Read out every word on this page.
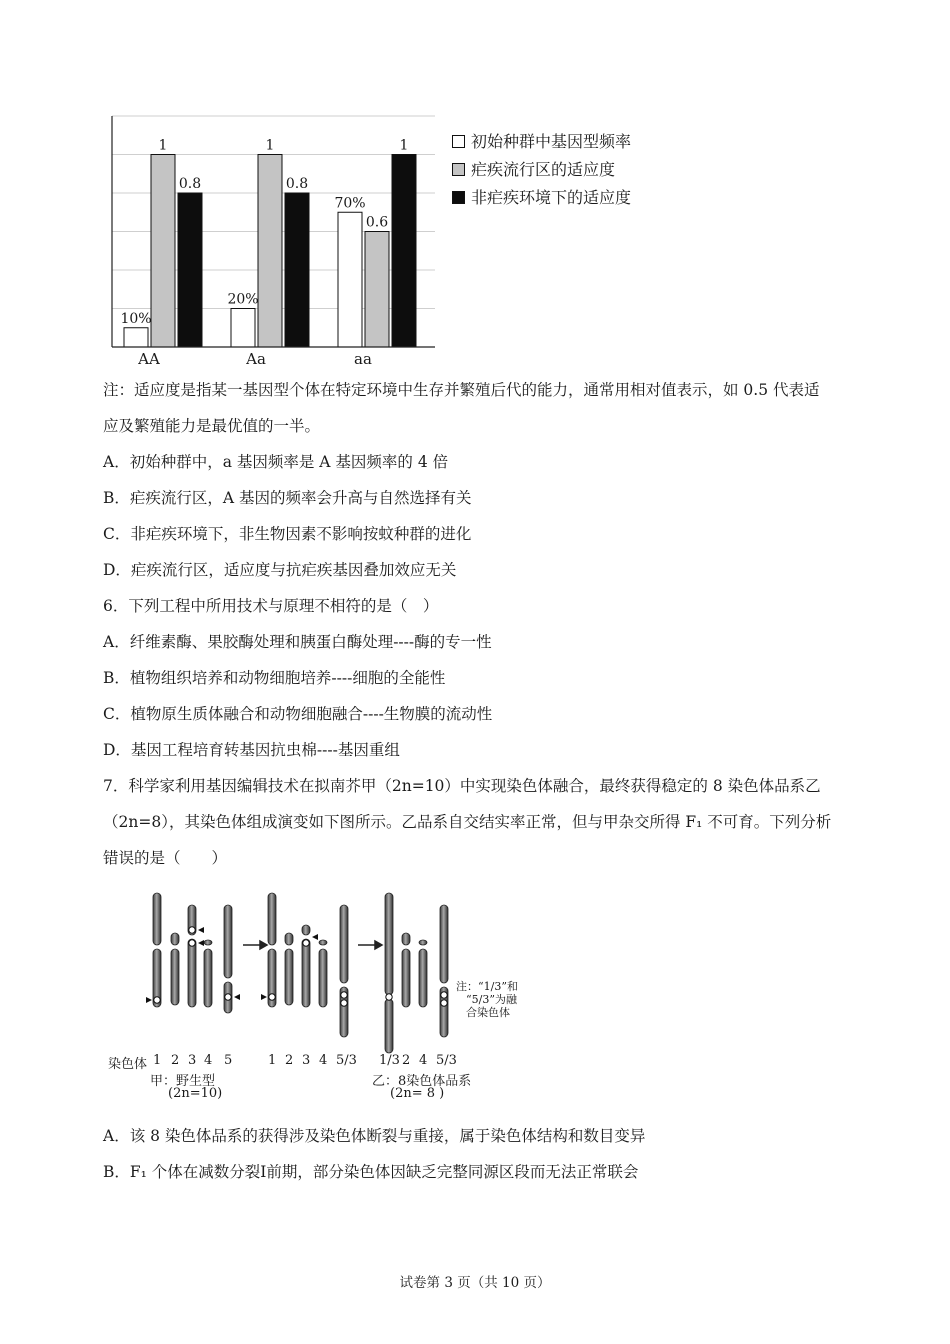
10%
1
0.8
20%
1
0.8
70%
0.6
1
AA	Aa	aa
初始种群中基因型频率
疟疾流行区的适应度
非疟疾环境下的适应度
注：适应度是指某一基因型个体在特定环境中生存并繁殖后代的能力，通常用相对值表示，如 0.5 代表适
应及繁殖能力是最优值的一半。
A．初始种群中，a 基因频率是 A 基因频率的 4 倍
B．疟疾流行区，A 基因的频率会升高与自然选择有关
C．非疟疾环境下，非生物因素不影响按蚊种群的进化
D．疟疾流行区，适应度与抗疟疾基因叠加效应无关
6．下列工程中所用技术与原理不相符的是（　）
A．纤维素酶、果胶酶处理和胰蛋白酶处理----酶的专一性
B．植物组织培养和动物细胞培养----细胞的全能性
C．植物原生质体融合和动物细胞融合----生物膜的流动性
D．基因工程培育转基因抗虫棉----基因重组
7．科学家利用基因编辑技术在拟南芥甲（2n=10）中实现染色体融合，最终获得稳定的 8 染色体品系乙
（2n=8），其染色体组成演变如下图所示。乙品系自交结实率正常，但与甲杂交所得 F₁ 不可育。下列分析
错误的是（　　）
染色体 1 2 3 4 5	1 2 3 4 5/3 1/3 2 4 5/3
甲：野生型
(2n=10)
乙：8染色体品系
(2n= 8 )
注：“1/3”和
“5/3”为融
合染色体
A．该 8 染色体品系的获得涉及染色体断裂与重接，属于染色体结构和数目变异
B．F₁ 个体在减数分裂Ⅰ前期，部分染色体因缺乏完整同源区段而无法正常联会
试卷第 3 页（共 10 页）
